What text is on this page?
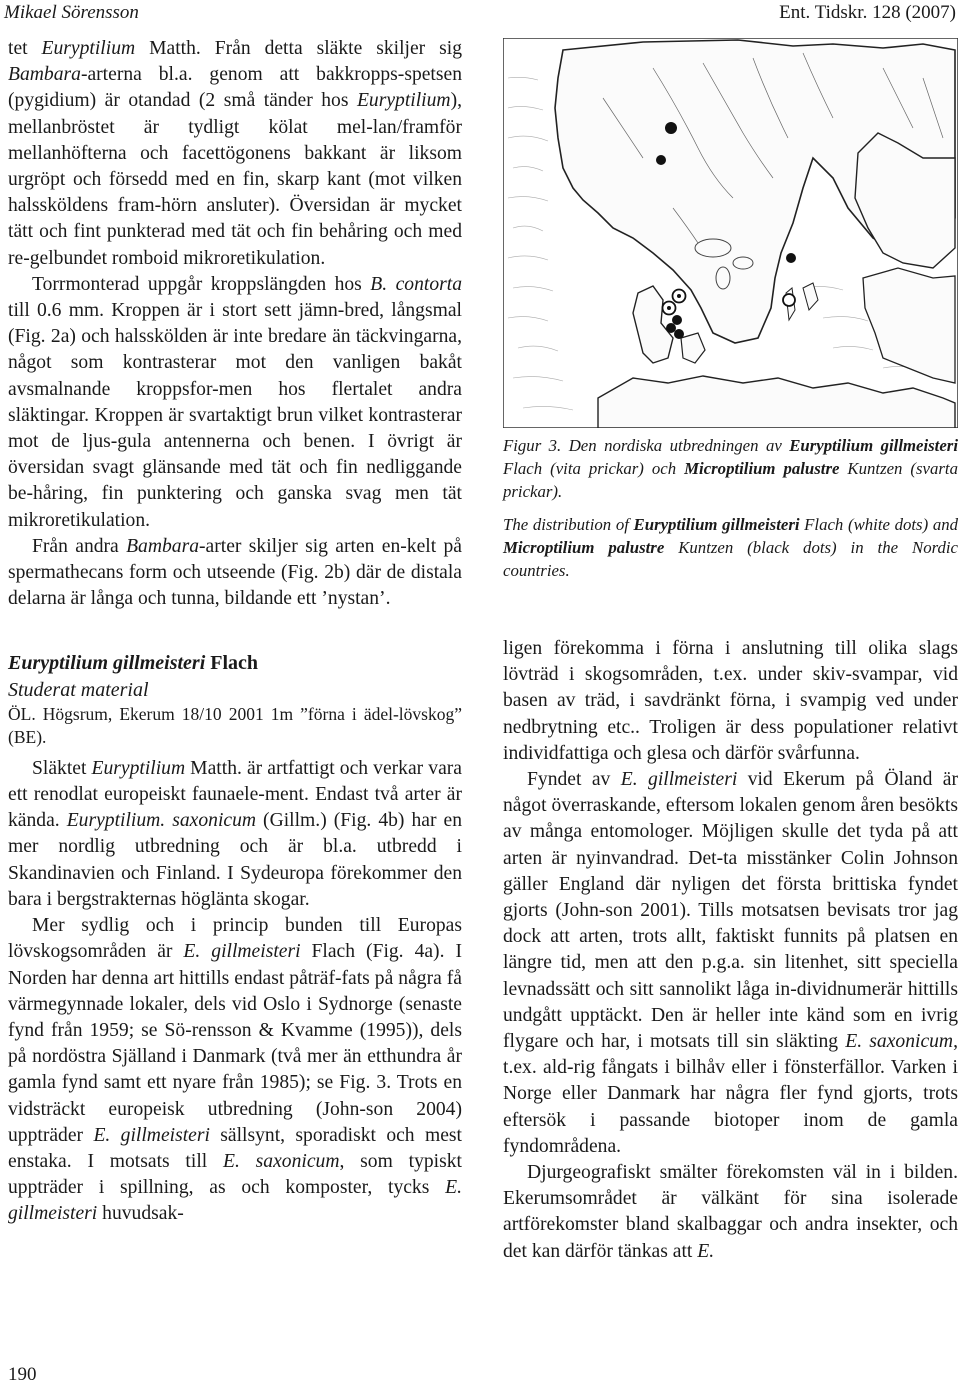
Mikael Sörensson	Ent. Tidskr. 128 (2007)

tet Euryptilium Matth. Från detta släkte skiljer sig Bambara-arterna bl.a. genom att bakkropps-spetsen (pygidium) är otandad (2 små tänder hos Euryptilium), mellanbröstet är tydligt kölat mel-lan/framför mellanhöfterna och facettögonens bakkant är liksom urgröpt och försedd med en fin, skarp kant (mot vilken halssköldens fram-hörn ansluter). Översidan är mycket tätt och fint punkterad med tät och fin behåring och med re-gelbundet romboid mikroretikulation.

Torrmonterad uppgår kroppslängden hos B. contorta till 0.6 mm. Kroppen är i stort sett jämn-bred, långsmal (Fig. 2a) och halsskölden är inte bredare än täckvingarna, något som kontrasterar mot den vanligen bakåt avsmalnande kroppsfor-men hos flertalet andra släktingar. Kroppen är svartaktigt brun vilket kontrasterar mot de ljus-gula antennerna och benen. I övrigt är översidan svagt glänsande med tät och fin nedliggande be-håring, fin punktering och ganska svag men tät mikroretikulation.

Från andra Bambara-arter skiljer sig arten en-kelt på spermathecans form och utseende (Fig. 2b) där de distala delarna är långa och tunna, bildande ett ’nystan’.

Euryptilium gillmeisteri Flach

Studerat material

ÖL. Högsrum, Ekerum 18/10 2001 1m ”förna i ädel-lövskog” (BE).

Släktet Euryptilium Matth. är artfattigt och verkar vara ett renodlat europeiskt faunaele-ment. Endast två arter är kända. Euryptilium. saxonicum (Gillm.) (Fig. 4b) har en mer nordlig utbredning och är bl.a. utbredd i Skandinavien och Finland. I Sydeuropa förekommer den bara i bergstrakternas höglänta skogar.

Mer sydlig och i princip bunden till Europas lövskogsområden är E. gillmeisteri Flach (Fig. 4a). I Norden har denna art hittills endast påträf-fats på några få värmegynnade lokaler, dels vid Oslo i Sydnorge (senaste fynd från 1959; se Sö-rensson & Kvamme (1995)), dels på nordöstra Själland i Danmark (två mer än etthundra år gamla fynd samt ett nyare från 1985); se Fig. 3. Trots en vidsträckt europeisk utbredning (John-son 2004) uppträder E. gillmeisteri sällsynt, sporadiskt och mest enstaka. I motsats till E. saxonicum, som typiskt uppträder i spillning, as och komposter, tycks E. gillmeisteri huvudsak-

Figur 3. Den nordiska utbredningen av Euryptilium gillmeisteri Flach (vita prickar) och Microptilium palustre Kuntzen (svarta prickar).

The distribution of Euryptilium gillmeisteri Flach (white dots) and Microptilium palustre Kuntzen (black dots) in the Nordic countries.

ligen förekomma i förna i anslutning till olika slags lövträd i skogsområden, t.ex. under skiv-svampar, vid basen av träd, i savdränkt förna, i svampig ved under nedbrytning etc.. Troligen är dess populationer relativt individfattiga och glesa och därför svårfunna.

Fyndet av E. gillmeisteri vid Ekerum på Öland är något överraskande, eftersom lokalen genom åren besökts av många entomologer. Möjligen skulle det tyda på att arten är nyinvandrad. Det-ta misstänker Colin Johnson gäller England där nyligen det första brittiska fyndet gjorts (John-son 2001). Tills motsatsen bevisats tror jag dock att arten, trots allt, faktiskt funnits på platsen en längre tid, men att den p.g.a. sin litenhet, sitt speciella levnadssätt och sitt sannolikt låga in-dividnumerär hittills undgått upptäckt. Den är heller inte känd som en ivrig flygare och har, i motsats till sin släkting E. saxonicum, t.ex. ald-rig fångats i bilhåv eller i fönsterfällor. Varken i Norge eller Danmark har några fler fynd gjorts, trots eftersök i passande biotoper inom de gamla fyndområdena.

Djurgeografiskt smälter förekomsten väl in i bilden. Ekerumsområdet är välkänt för sina isolerade artförekomster bland skalbaggar och andra insekter, och det kan därför tänkas att E.

190
